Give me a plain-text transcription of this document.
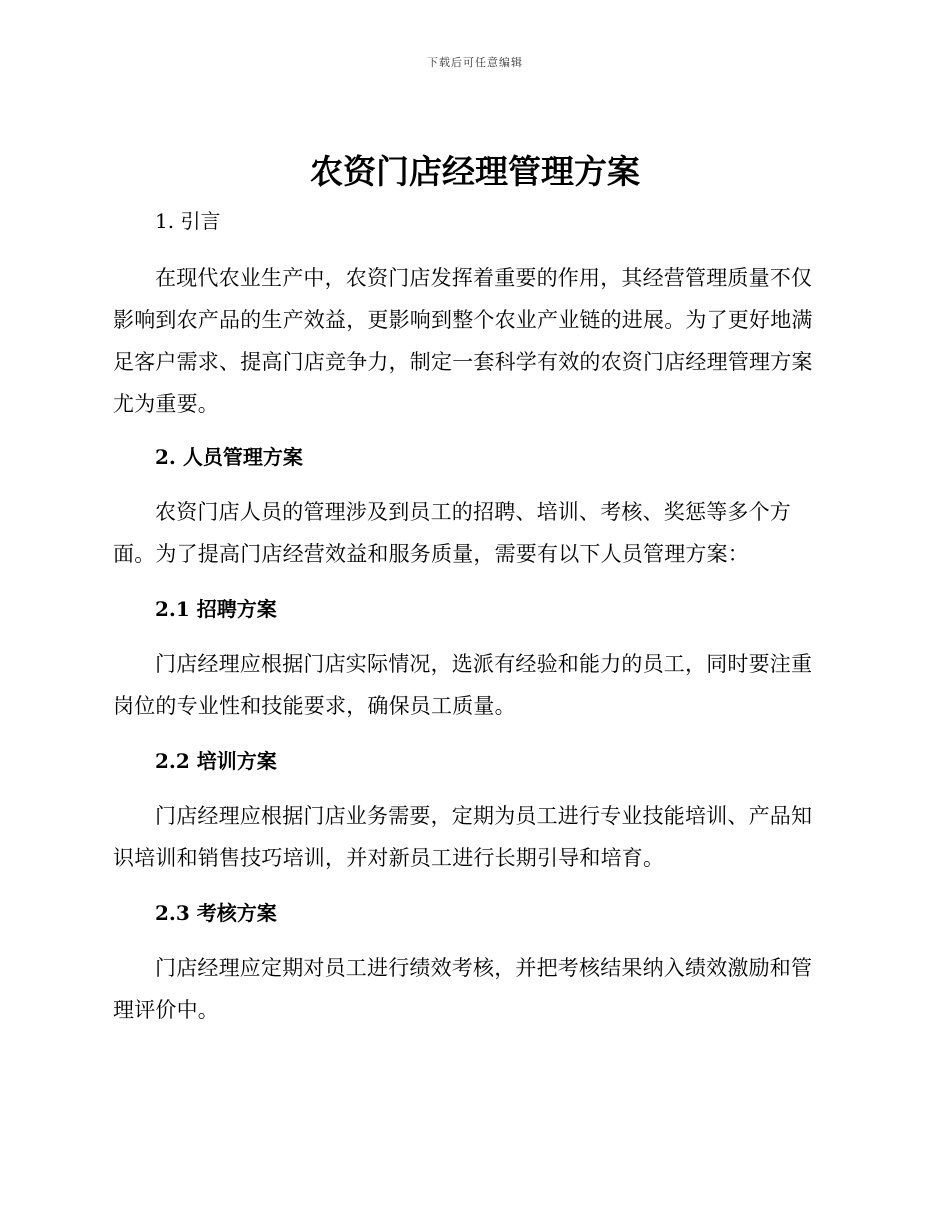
下载后可任意编辑
农资门店经理管理方案
1. 引言

在现代农业生产中，农资门店发挥着重要的作用，其经营管理质量不仅影响到农产品的生产效益，更影响到整个农业产业链的进展。为了更好地满足客户需求、提高门店竞争力，制定一套科学有效的农资门店经理管理方案尤为重要。

2. 人员管理方案

农资门店人员的管理涉及到员工的招聘、培训、考核、奖惩等多个方面。为了提高门店经营效益和服务质量，需要有以下人员管理方案：

2.1 招聘方案

门店经理应根据门店实际情况，选派有经验和能力的员工，同时要注重岗位的专业性和技能要求，确保员工质量。

2.2 培训方案

门店经理应根据门店业务需要，定期为员工进行专业技能培训、产品知识培训和销售技巧培训，并对新员工进行长期引导和培育。

2.3 考核方案

门店经理应定期对员工进行绩效考核，并把考核结果纳入绩效激励和管理评价中。
